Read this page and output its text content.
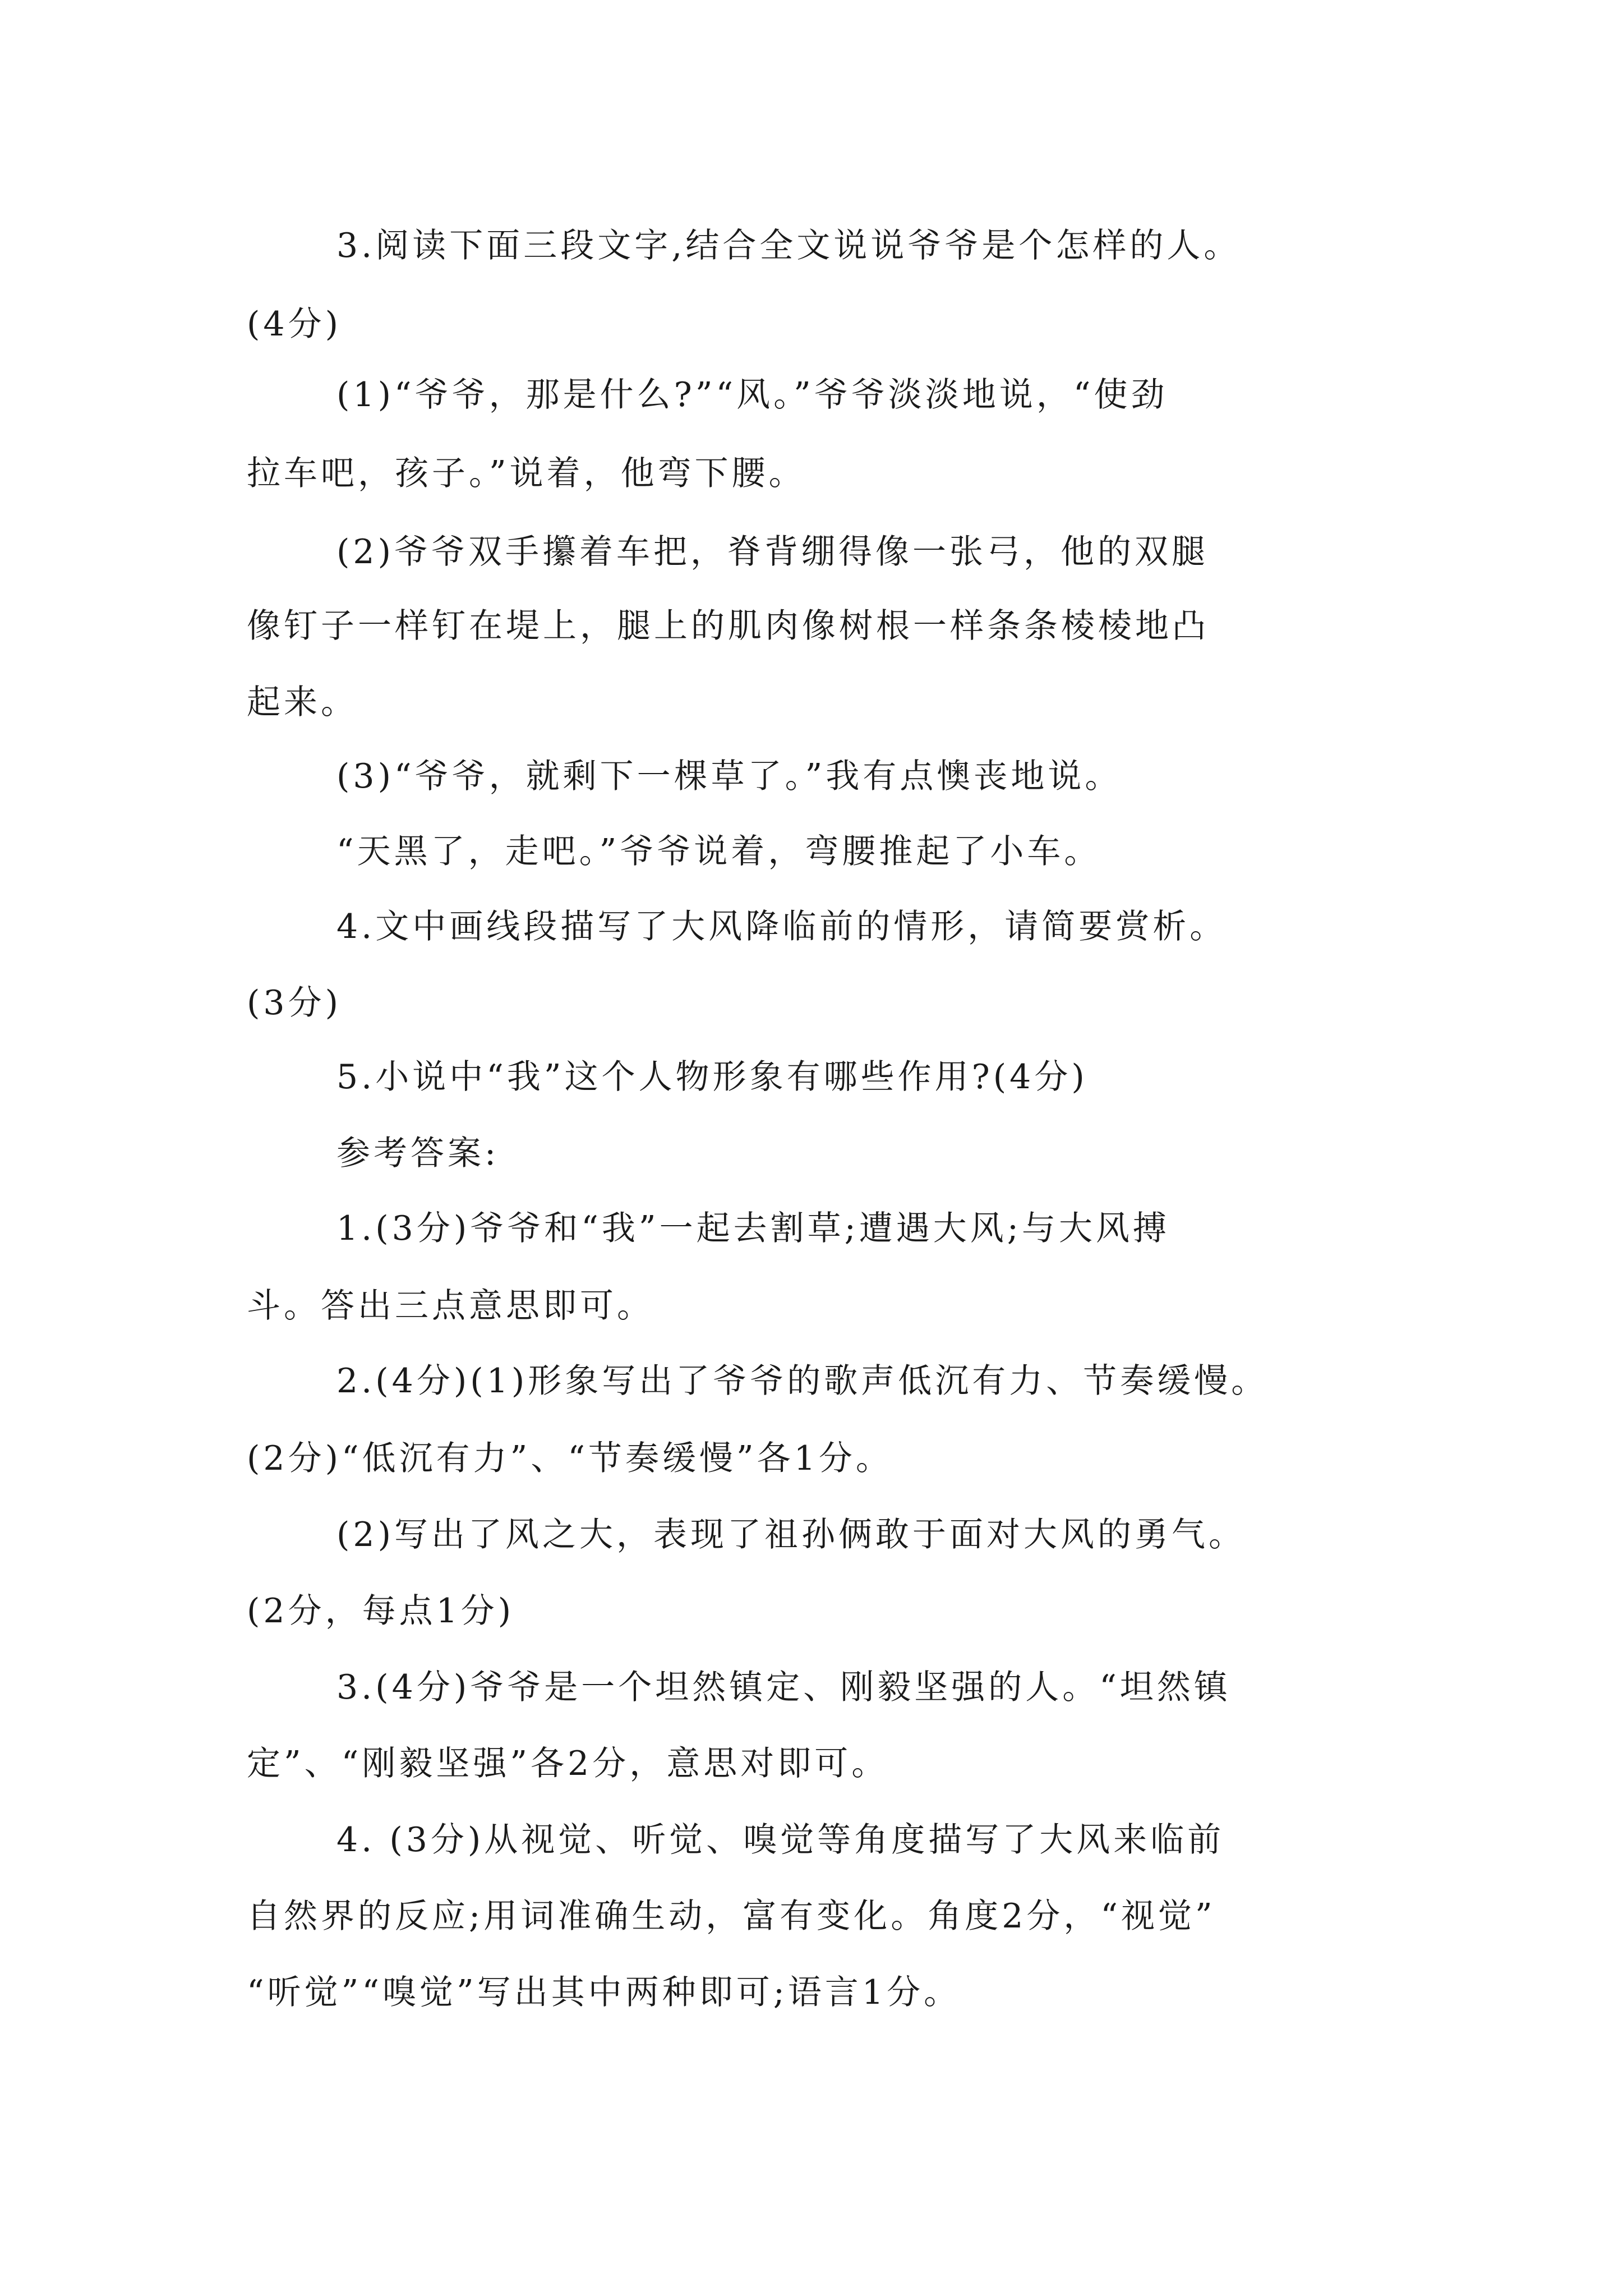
3.阅读下面三段文字,结合全文说说爷爷是个怎样的人。
(4分)
(1)“爷爷，那是什么?”“风。”爷爷淡淡地说，“使劲
拉车吧，孩子。”说着，他弯下腰。
(2)爷爷双手攥着车把，脊背绷得像一张弓，他的双腿
像钉子一样钉在堤上，腿上的肌肉像树根一样条条棱棱地凸
起来。
(3)“爷爷，就剩下一棵草了。”我有点懊丧地说。
“天黑了，走吧。”爷爷说着，弯腰推起了小车。
4.文中画线段描写了大风降临前的情形，请简要赏析。
(3分)
5.小说中“我”这个人物形象有哪些作用?(4分)
参考答案:
1.(3分)爷爷和“我”一起去割草;遭遇大风;与大风搏
斗。答出三点意思即可。
2.(4分)(1)形象写出了爷爷的歌声低沉有力、节奏缓慢。
(2分)“低沉有力”、“节奏缓慢”各1分。
(2)写出了风之大，表现了祖孙俩敢于面对大风的勇气。
(2分，每点1分)
3.(4分)爷爷是一个坦然镇定、刚毅坚强的人。“坦然镇
定”、“刚毅坚强”各2分，意思对即可。
4. (3分)从视觉、听觉、嗅觉等角度描写了大风来临前
自然界的反应;用词准确生动，富有变化。角度2分，“视觉”
“听觉”“嗅觉”写出其中两种即可;语言1分。
